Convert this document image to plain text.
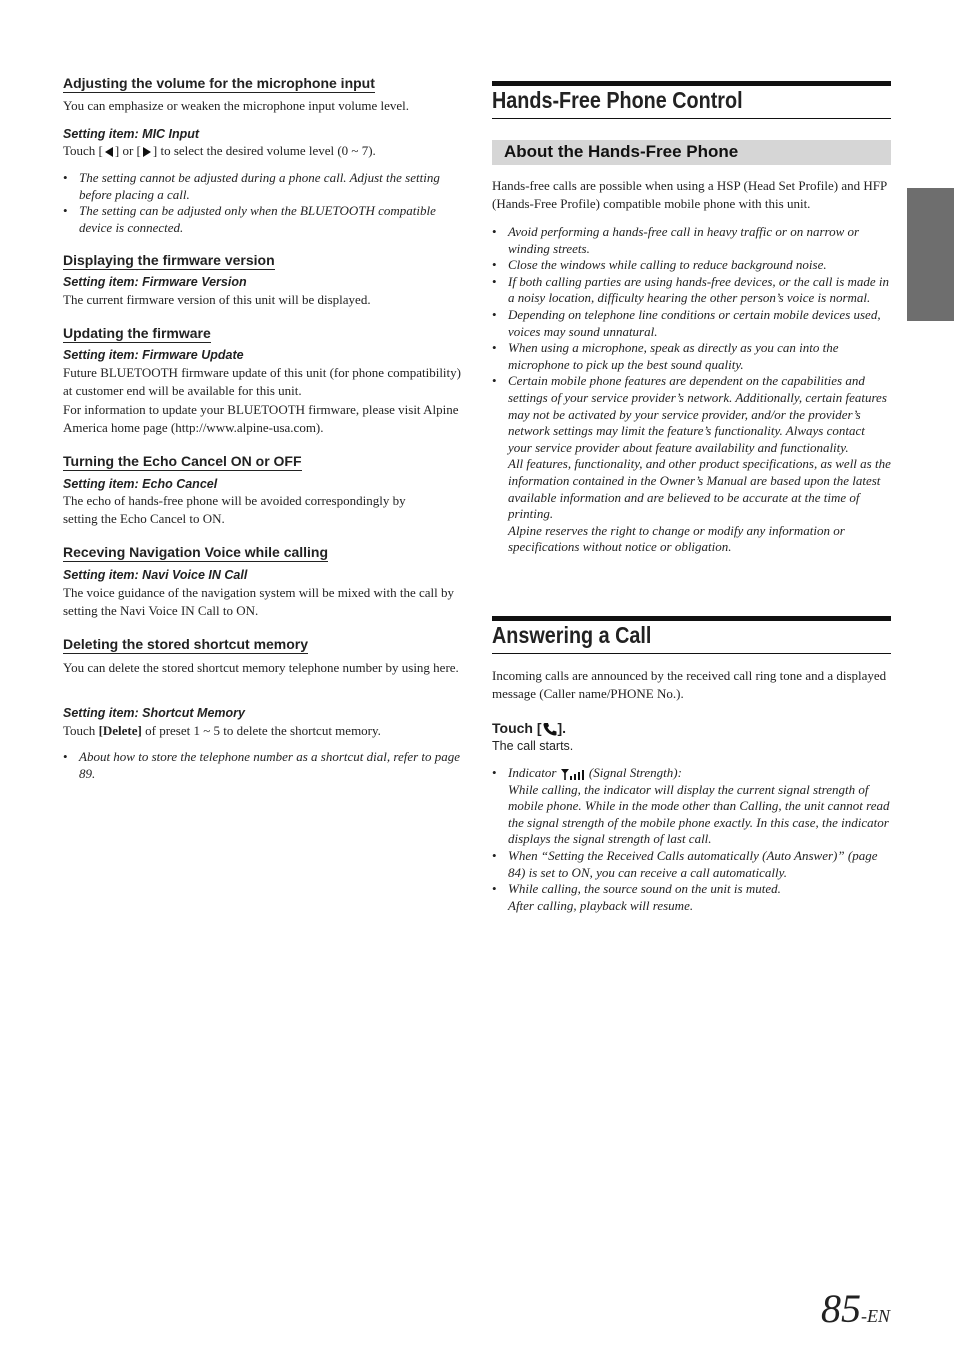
Adjusting the volume for the microphone input
You can emphasize or weaken the microphone input volume level.
Setting item: MIC Input
Touch [ ] or [ ] to select the desired volume level (0 ~ 7).
• The setting cannot be adjusted during a phone call. Adjust the setting before placing a call.
• The setting can be adjusted only when the BLUETOOTH compatible device is connected.
Displaying the firmware version
Setting item: Firmware Version
The current firmware version of this unit will be displayed.
Updating the firmware
Setting item: Firmware Update
Future BLUETOOTH firmware update of this unit (for phone compatibility) at customer end will be available for this unit.
For information to update your BLUETOOTH firmware, please visit Alpine America home page (http://www.alpine-usa.com).
Turning the Echo Cancel ON or OFF
Setting item: Echo Cancel
The echo of hands-free phone will be avoided correspondingly by setting the Echo Cancel to ON.
Receving Navigation Voice while calling
Setting item: Navi Voice IN Call
The voice guidance of the navigation system will be mixed with the call by setting the Navi Voice IN Call to ON.
Deleting the stored shortcut memory
You can delete the stored shortcut memory telephone number by using here.
Setting item: Shortcut Memory
Touch [Delete] of preset 1 ~ 5 to delete the shortcut memory.
• About how to store the telephone number as a shortcut dial, refer to page 89.
Hands-Free Phone Control
About the Hands-Free Phone
Hands-free calls are possible when using a HSP (Head Set Profile) and HFP (Hands-Free Profile) compatible mobile phone with this unit.
• Avoid performing a hands-free call in heavy traffic or on narrow or winding streets.
• Close the windows while calling to reduce background noise.
• If both calling parties are using hands-free devices, or the call is made in a noisy location, difficulty hearing the other person’s voice is normal.
• Depending on telephone line conditions or certain mobile devices used, voices may sound unnatural.
• When using a microphone, speak as directly as you can into the microphone to pick up the best sound quality.
• Certain mobile phone features are dependent on the capabilities and settings of your service provider’s network. Additionally, certain features may not be activated by your service provider, and/or the provider’s network settings may limit the feature’s functionality. Always contact your service provider about feature availability and functionality.
All features, functionality, and other product specifications, as well as the information contained in the Owner’s Manual are based upon the latest available information and are believed to be accurate at the time of printing.
Alpine reserves the right to change or modify any information or specifications without notice or obligation.
Answering a Call
Incoming calls are announced by the received call ring tone and a displayed message (Caller name/PHONE No.).
Touch [ ].
The call starts.
• Indicator  (Signal Strength):
While calling, the indicator will display the current signal strength of mobile phone. While in the mode other than Calling, the unit cannot read the signal strength of the mobile phone exactly. In this case, the indicator displays the signal strength of last call.
• When “Setting the Received Calls automatically (Auto Answer)” (page 84) is set to ON, you can receive a call automatically.
• While calling, the source sound on the unit is muted.
After calling, playback will resume.
85-EN
